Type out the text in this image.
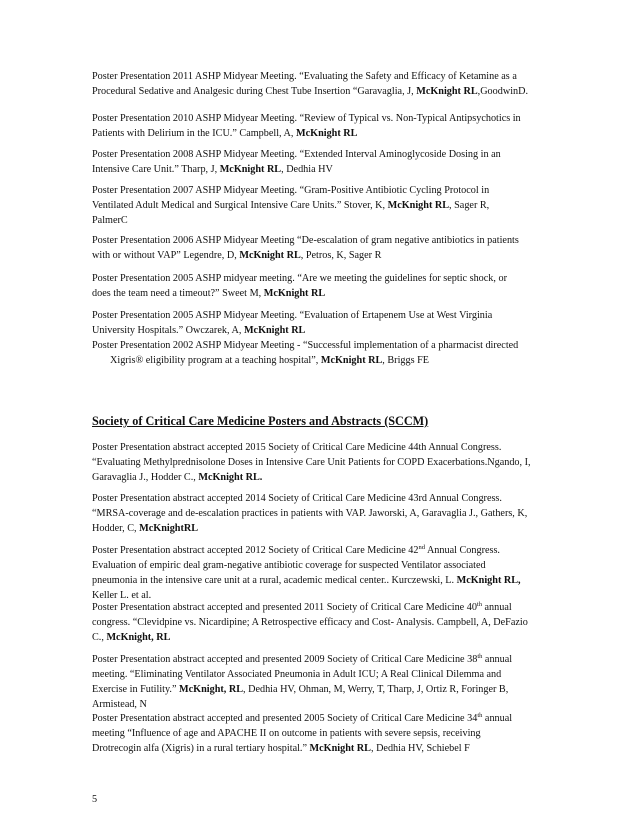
Poster Presentation 2011 ASHP Midyear Meeting. “Evaluating the Safety and Efficacy of Ketamine as a
Procedural Sedative and Analgesic during Chest Tube Insertion “Garavaglia, J, McKnight RL,GoodwinD.
Poster Presentation 2010 ASHP Midyear Meeting. “Review of Typical vs. Non-Typical Antipsychotics in
Patients with Delirium in the ICU.” Campbell, A, McKnight RL
Poster Presentation 2008 ASHP Midyear Meeting. “Extended Interval Aminoglycoside Dosing in an
Intensive Care Unit.” Tharp, J, McKnight RL, Dedhia HV
Poster Presentation 2007 ASHP Midyear Meeting. “Gram-Positive Antibiotic Cycling Protocol in
Ventilated Adult Medical and Surgical Intensive Care Units.” Stover, K, McKnight RL, Sager R,
PalmerC
Poster Presentation 2006 ASHP Midyear Meeting “De-escalation of gram negative antibiotics in patients
with or without VAP” Legendre, D, McKnight RL, Petros, K, Sager R
Poster Presentation 2005 ASHP midyear meeting. “Are we meeting the guidelines for septic shock, or
does the team need a timeout?” Sweet M, McKnight RL
Poster Presentation 2005 ASHP Midyear Meeting. “Evaluation of Ertapenem Use at West Virginia
University Hospitals.” Owczarek, A, McKnight RL
Poster Presentation 2002 ASHP Midyear Meeting - “Successful implementation of a pharmacist directed
Xigris® eligibility program at a teaching hospital”, McKnight RL, Briggs FE
Society of Critical Care Medicine Posters and Abstracts (SCCM)
Poster Presentation abstract accepted 2015 Society of Critical Care Medicine 44th Annual Congress.
“Evaluating Methylprednisolone Doses in Intensive Care Unit Patients for COPD Exacerbations.Ngando, I,
Garavaglia J., Hodder C., McKnight RL.
Poster Presentation abstract accepted 2014 Society of Critical Care Medicine 43rd Annual Congress.
“MRSA-coverage and de-escalation practices in patients with VAP. Jaworski, A, Garavaglia J., Gathers, K,
Hodder, C, McKnightRL
Poster Presentation abstract accepted 2012 Society of Critical Care Medicine 42nd Annual Congress.
Evaluation of empiric deal gram-negative antibiotic coverage for suspected Ventilator associated
pneumonia in the intensive care unit at a rural, academic medical center.. Kurczewski, L. McKnight RL,
Keller L. et al.
Poster Presentation abstract accepted and presented 2011 Society of Critical Care Medicine 40th annual
congress. “Clevidpine vs. Nicardipine; A Retrospective efficacy and Cost- Analysis. Campbell, A, DeFazio
C., McKnight, RL
Poster Presentation abstract accepted and presented 2009 Society of Critical Care Medicine 38th annual
meeting. “Eliminating Ventilator Associated Pneumonia in Adult ICU; A Real Clinical Dilemma and
Exercise in Futility.” McKnight, RL, Dedhia HV, Ohman, M, Werry, T, Tharp, J, Ortiz R, Foringer B,
Armistead, N
Poster Presentation abstract accepted and presented 2005 Society of Critical Care Medicine 34th annual
meeting “Influence of age and APACHE II on outcome in patients with severe sepsis, receiving
Drotrecogin alfa (Xigris) in a rural tertiary hospital.” McKnight RL, Dedhia HV, Schiebel F
5
